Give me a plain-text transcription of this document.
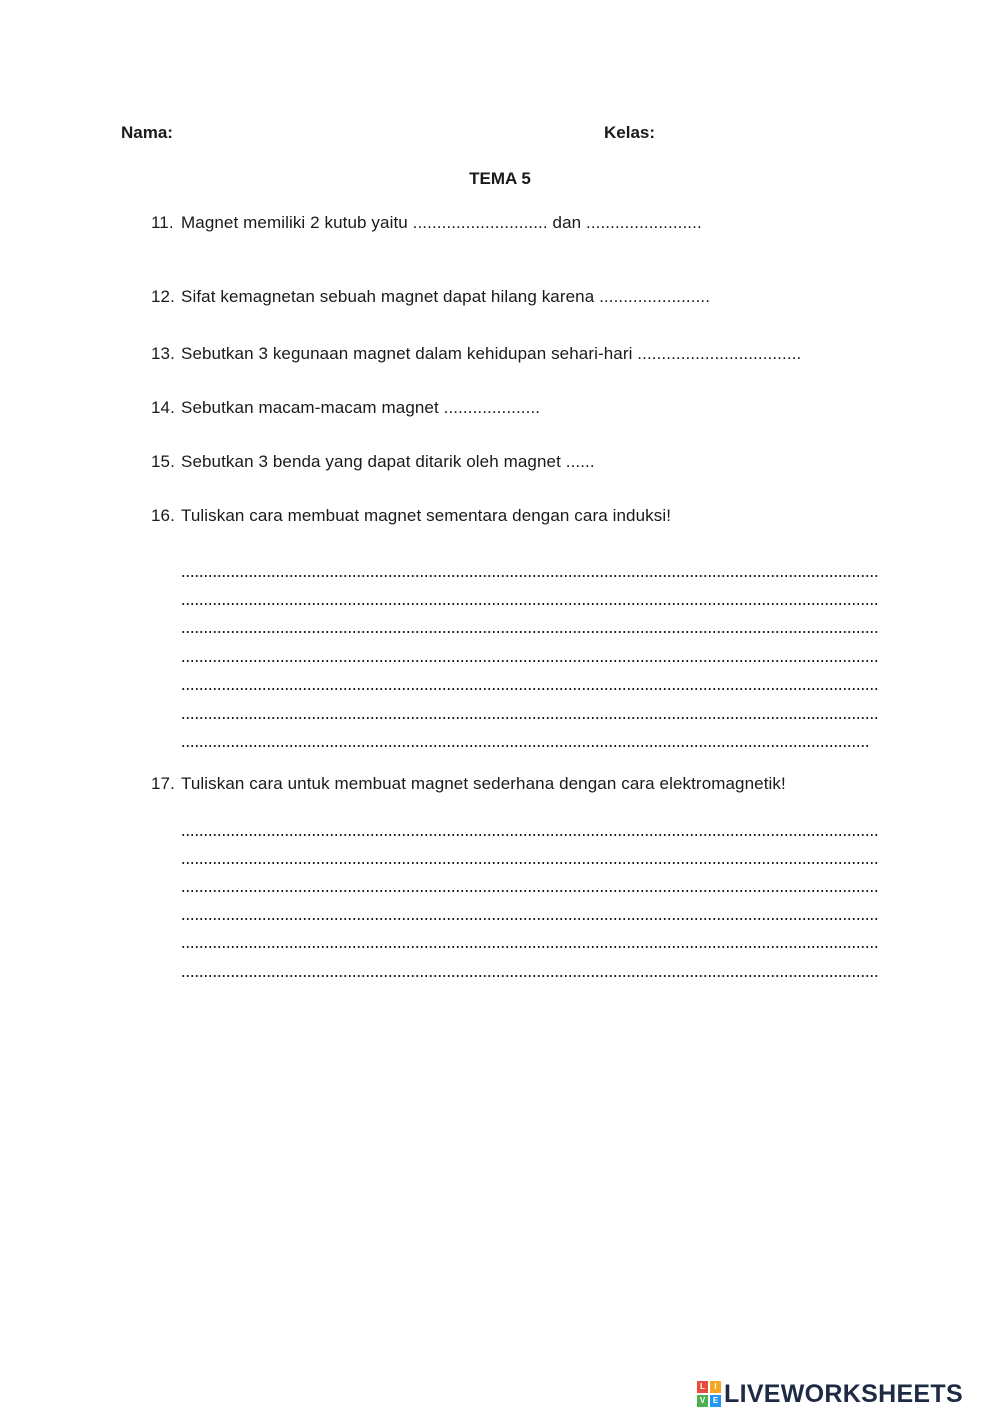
Nama:	Kelas:
TEMA 5
11. Magnet memiliki 2 kutub yaitu ............................ dan ........................
12. Sifat kemagnetan sebuah magnet dapat hilang karena .......................
13. Sebutkan 3 kegunaan magnet dalam kehidupan sehari-hari ..................................
14. Sebutkan macam-macam magnet ....................
15. Sebutkan 3 benda yang dapat ditarik oleh magnet ......
16. Tuliskan cara membuat magnet sementara dengan cara induksi!
17. Tuliskan cara untuk membuat magnet sederhana dengan cara elektromagnetik!
L	I
V E LIVEWORKSHEETS
